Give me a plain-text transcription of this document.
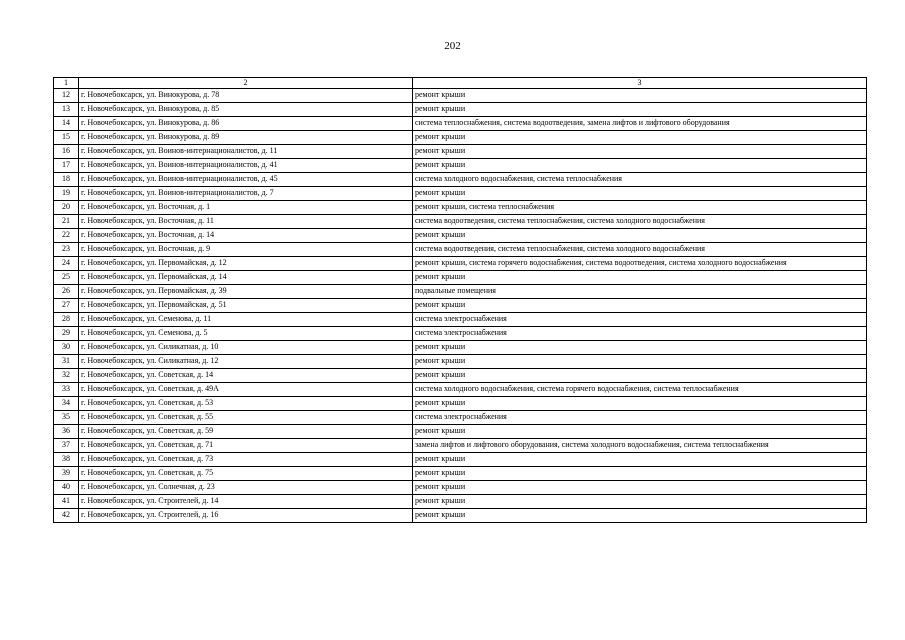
202
1	2	3
12	г. Новочебоксарск, ул. Винокурова, д. 78	ремонт крыши
13	г. Новочебоксарск, ул. Винокурова, д. 85	ремонт крыши
14	г. Новочебоксарск, ул. Винокурова, д. 86	система теплоснабжения, система водоотведения, замена лифтов и лифтового оборудования
15	г. Новочебоксарск, ул. Винокурова, д. 89	ремонт крыши
16	г. Новочебоксарск, ул. Воинов-интернационалистов, д. 11	ремонт крыши
17	г. Новочебоксарск, ул. Воинов-интернационалистов, д. 41	ремонт крыши
18	г. Новочебоксарск, ул. Воинов-интернационалистов, д. 45	система холодного водоснабжения, система теплоснабжения
19	г. Новочебоксарск, ул. Воинов-интернационалистов, д. 7	ремонт крыши
20	г. Новочебоксарск, ул. Восточная, д. 1	ремонт крыши, система теплоснабжения
21	г. Новочебоксарск, ул. Восточная, д. 11	система водоотведения, система теплоснабжения, система холодного водоснабжения
22	г. Новочебоксарск, ул. Восточная, д. 14	ремонт крыши
23	г. Новочебоксарск, ул. Восточная, д. 9	система водоотведения, система теплоснабжения, система холодного водоснабжения
24	г. Новочебоксарск, ул. Первомайская, д. 12	ремонт крыши, система горячего водоснабжения, система водоотведения, система холодного водоснабжения
25	г. Новочебоксарск, ул. Первомайская, д. 14	ремонт крыши
26	г. Новочебоксарск, ул. Первомайская, д. 39	подвальные помещения
27	г. Новочебоксарск, ул. Первомайская, д. 51	ремонт крыши
28	г. Новочебоксарск, ул. Семенова, д. 11	система электроснабжения
29	г. Новочебоксарск, ул. Семенова, д. 5	система электроснабжения
30	г. Новочебоксарск, ул. Силикатная, д. 10	ремонт крыши
31	г. Новочебоксарск, ул. Силикатная, д. 12	ремонт крыши
32	г. Новочебоксарск, ул. Советская, д. 14	ремонт крыши
33	г. Новочебоксарск, ул. Советская, д. 49А	система холодного водоснабжения, система горячего водоснабжения, система теплоснабжения
34	г. Новочебоксарск, ул. Советская, д. 53	ремонт крыши
35	г. Новочебоксарск, ул. Советская, д. 55	система электроснабжения
36	г. Новочебоксарск, ул. Советская, д. 59	ремонт крыши
37	г. Новочебоксарск, ул. Советская, д. 71	замена лифтов и лифтового оборудования, система холодного водоснабжения, система теплоснабжения
38	г. Новочебоксарск, ул. Советская, д. 73	ремонт крыши
39	г. Новочебоксарск, ул. Советская, д. 75	ремонт крыши
40	г. Новочебоксарск, ул. Солнечная, д. 23	ремонт крыши
41	г. Новочебоксарск, ул. Строителей, д. 14	ремонт крыши
42	г. Новочебоксарск, ул. Строителей, д. 16	ремонт крыши
